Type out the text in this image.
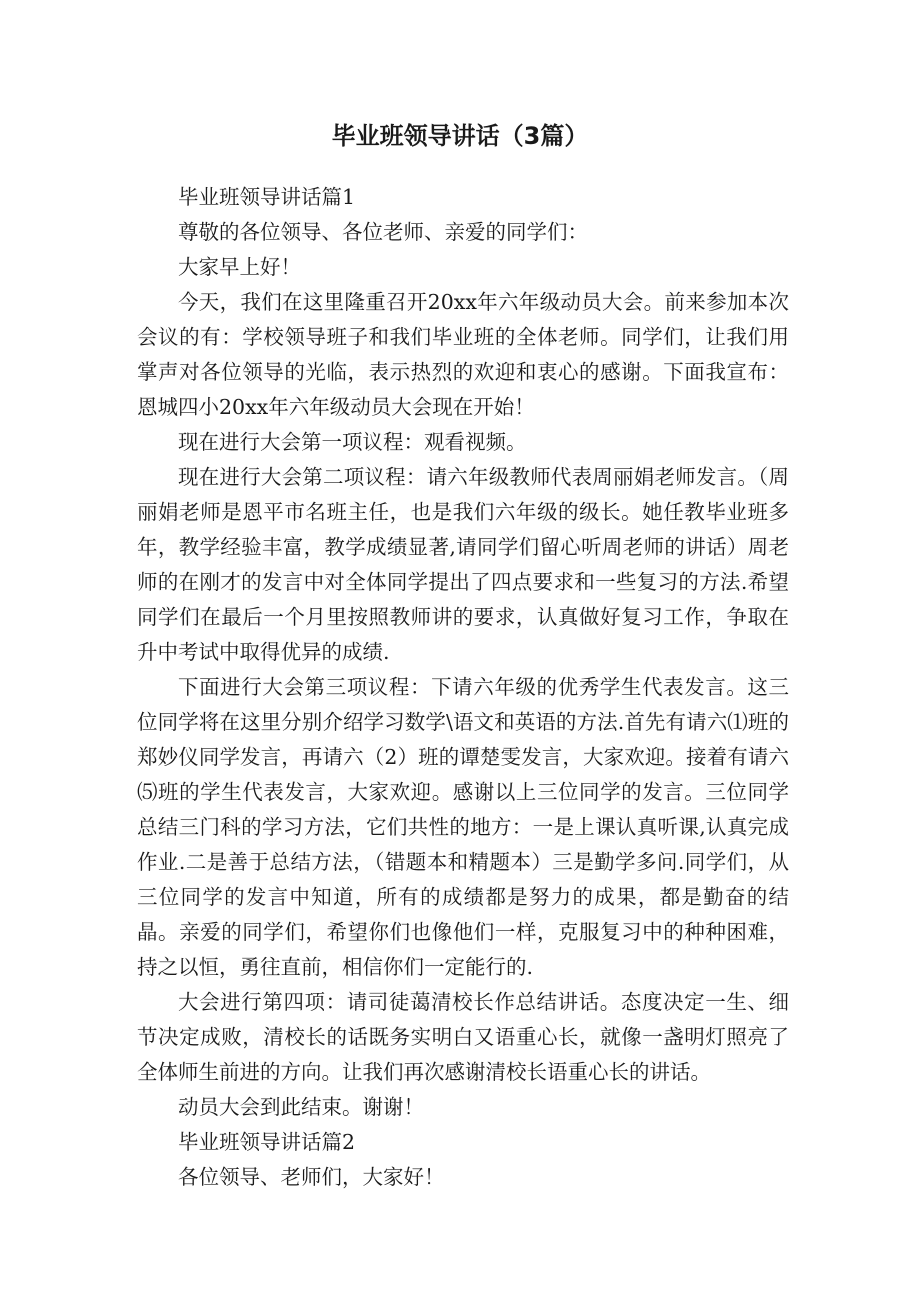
毕业班领导讲话（3篇）

毕业班领导讲话篇1

尊敬的各位领导、各位老师、亲爱的同学们：

大家早上好！

今天，我们在这里隆重召开20xx年六年级动员大会。前来参加本次会议的有：学校领导班子和我们毕业班的全体老师。同学们，让我们用掌声对各位领导的光临，表示热烈的欢迎和衷心的感谢。下面我宣布：恩城四小20xx年六年级动员大会现在开始！

现在进行大会第一项议程：观看视频。

现在进行大会第二项议程：请六年级教师代表周丽娟老师发言。（周丽娟老师是恩平市名班主任，也是我们六年级的级长。她任教毕业班多年，教学经验丰富，教学成绩显著,请同学们留心听周老师的讲话）周老师的在刚才的发言中对全体同学提出了四点要求和一些复习的方法.希望同学们在最后一个月里按照教师讲的要求，认真做好复习工作，争取在升中考试中取得优异的成绩.

下面进行大会第三项议程：下请六年级的优秀学生代表发言。这三位同学将在这里分别介绍学习数学\语文和英语的方法.首先有请六⑴班的郑妙仪同学发言，再请六（2）班的谭楚雯发言，大家欢迎。接着有请六⑸班的学生代表发言，大家欢迎。感谢以上三位同学的发言。三位同学总结三门科的学习方法，它们共性的地方：一是上课认真听课,认真完成作业.二是善于总结方法，（错题本和精题本）三是勤学多问.同学们，从三位同学的发言中知道，所有的成绩都是努力的成果，都是勤奋的结晶。亲爱的同学们，希望你们也像他们一样，克服复习中的种种困难，持之以恒，勇往直前，相信你们一定能行的.

大会进行第四项：请司徒蔼清校长作总结讲话。态度决定一生、细节决定成败，清校长的话既务实明白又语重心长，就像一盏明灯照亮了全体师生前进的方向。让我们再次感谢清校长语重心长的讲话。

动员大会到此结束。谢谢！

毕业班领导讲话篇2

各位领导、老师们，大家好！
